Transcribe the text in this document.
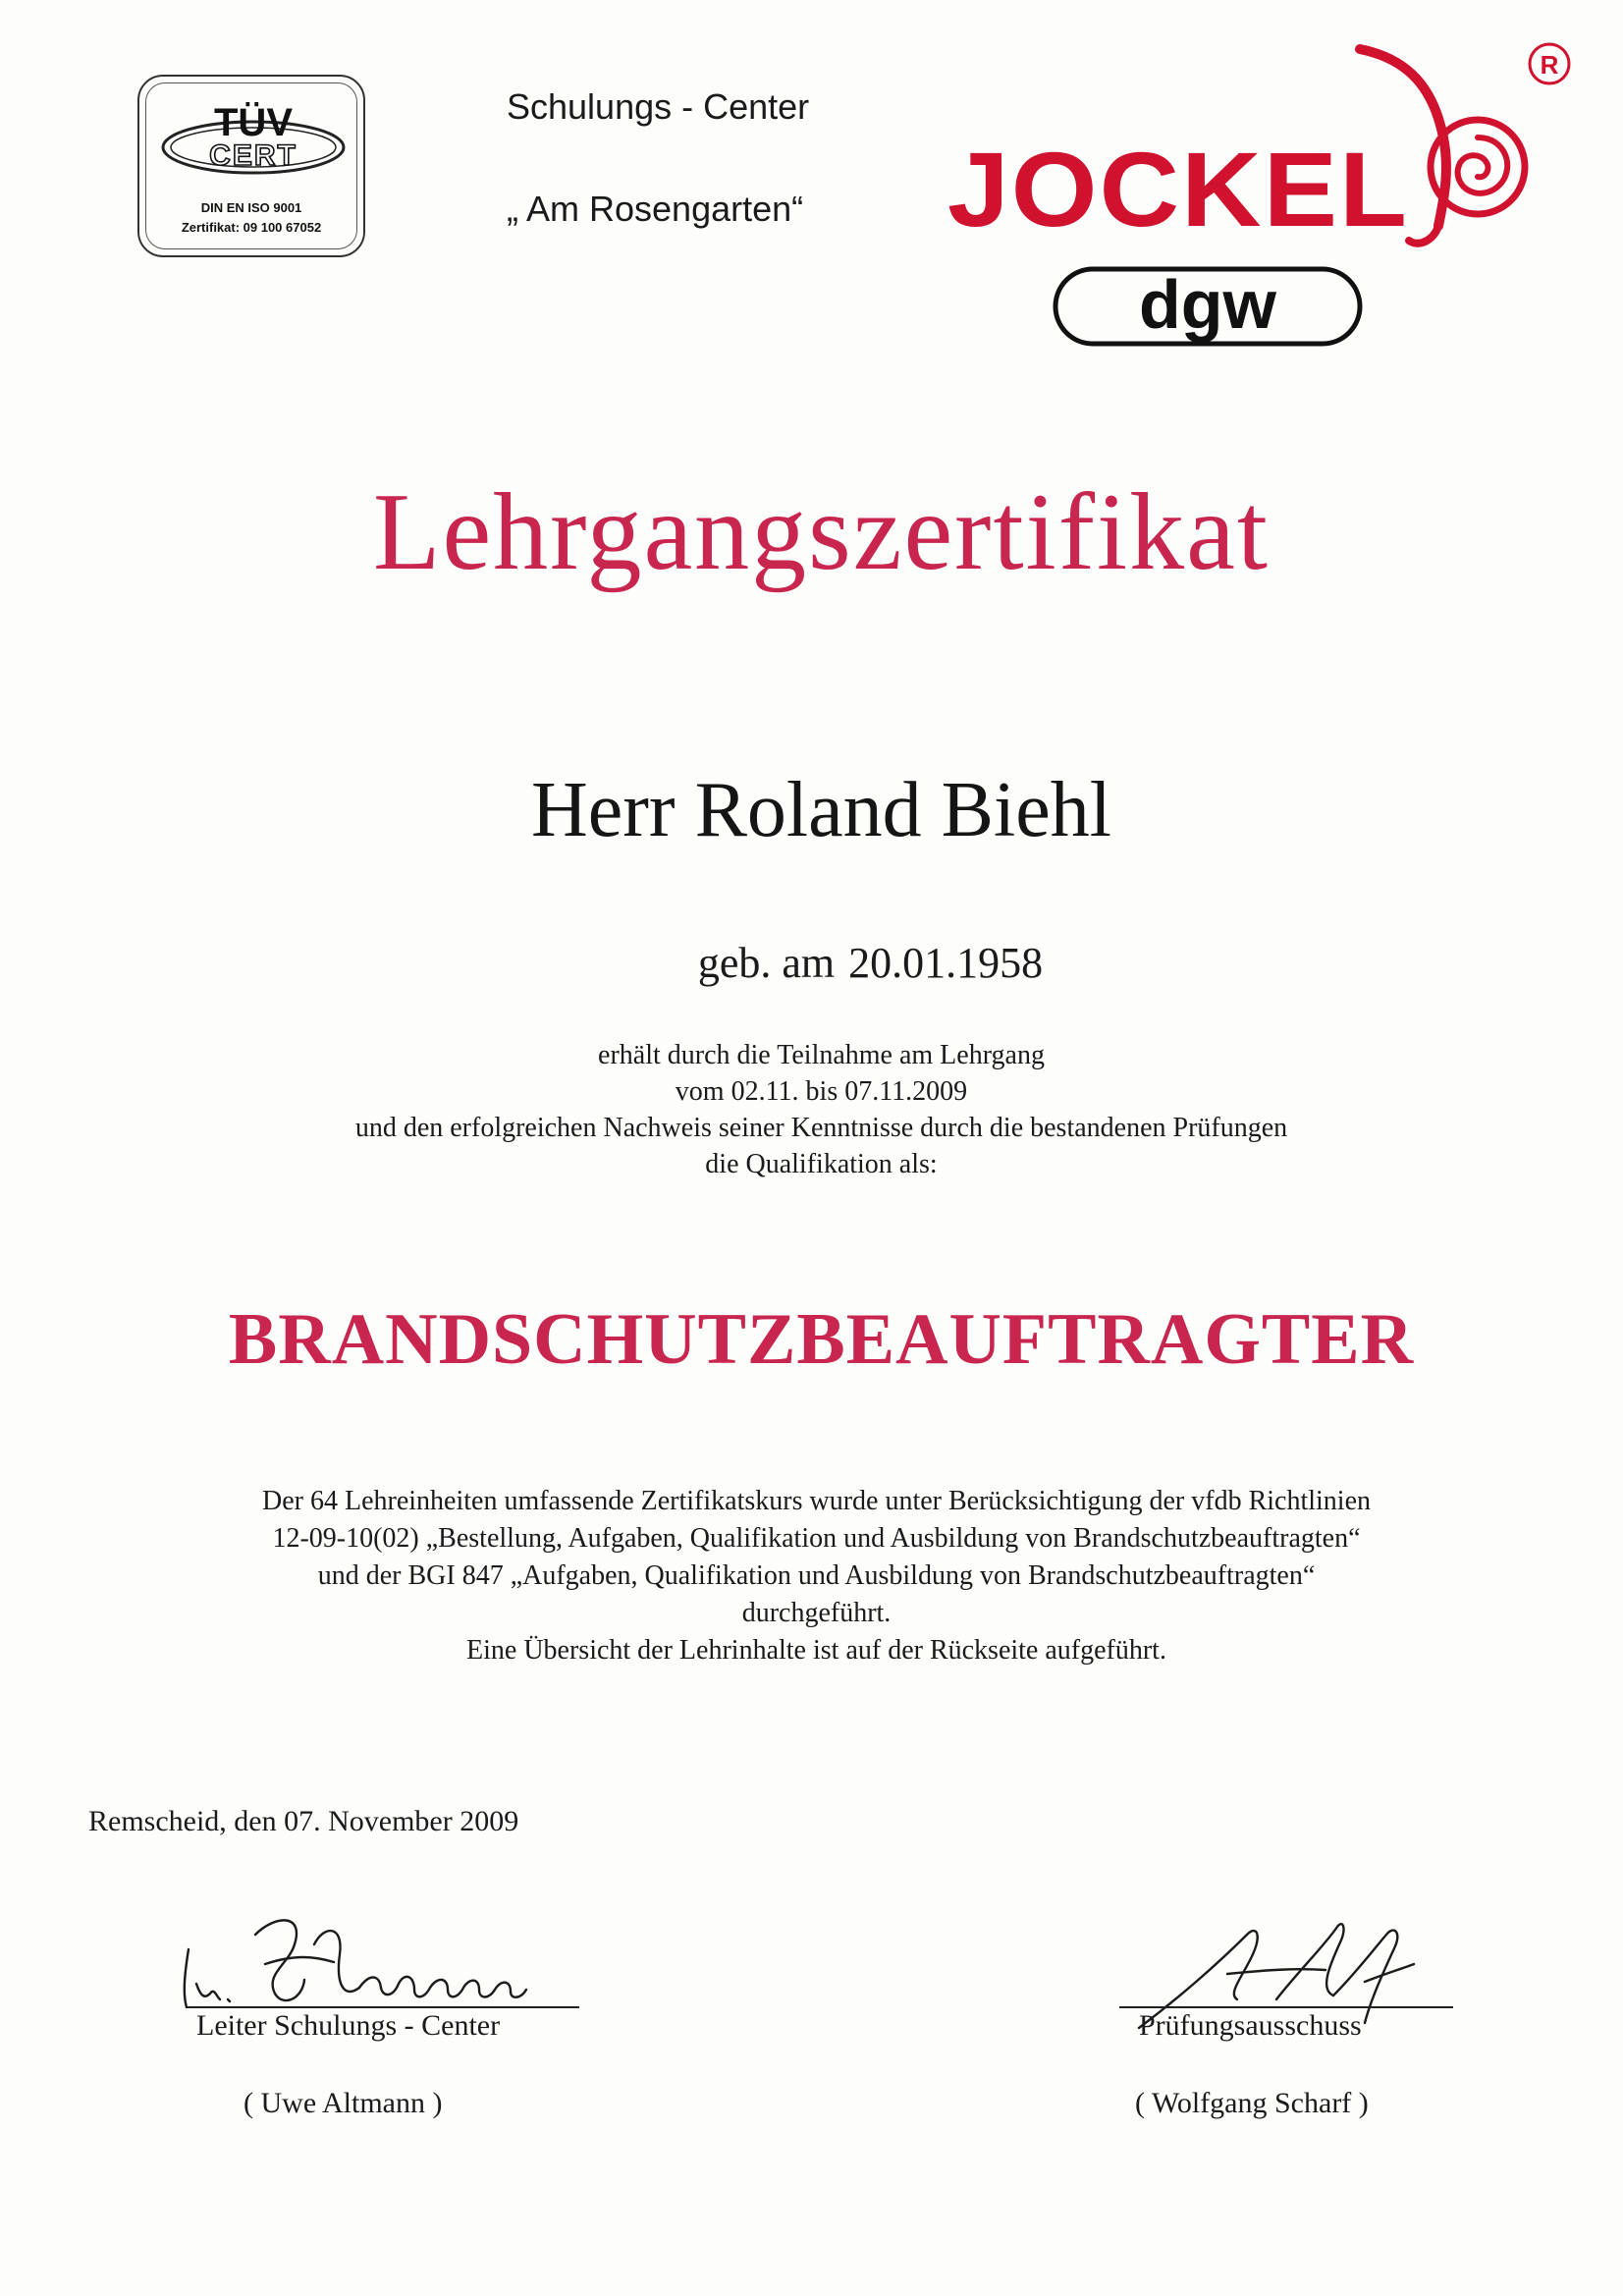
TÜV
CERT
DIN EN ISO 9001
Zertifikat: 09 100 67052
Schulungs - Center
„ Am Rosengarten“
R
JOCKEL
dgw
Lehrgangszertifikat
Herr Roland Biehl
geb. am 20.01.1958
erhält durch die Teilnahme am Lehrgang
vom 02.11. bis 07.11.2009
und den erfolgreichen Nachweis seiner Kenntnisse durch die bestandenen Prüfungen
die Qualifikation als:
BRANDSCHUTZBEAUFTRAGTER
Der 64 Lehreinheiten umfassende Zertifikatskurs wurde unter Berücksichtigung der vfdb Richtlinien
12-09-10(02) „Bestellung, Aufgaben, Qualifikation und Ausbildung von Brandschutzbeauftragten“
und der BGI 847 „Aufgaben, Qualifikation und Ausbildung von Brandschutzbeauftragten“
durchgeführt.
Eine Übersicht der Lehrinhalte ist auf der Rückseite aufgeführt.
Remscheid, den 07. November 2009
Leiter Schulungs - Center
( Uwe Altmann )
Prüfungsausschuss
( Wolfgang Scharf )
